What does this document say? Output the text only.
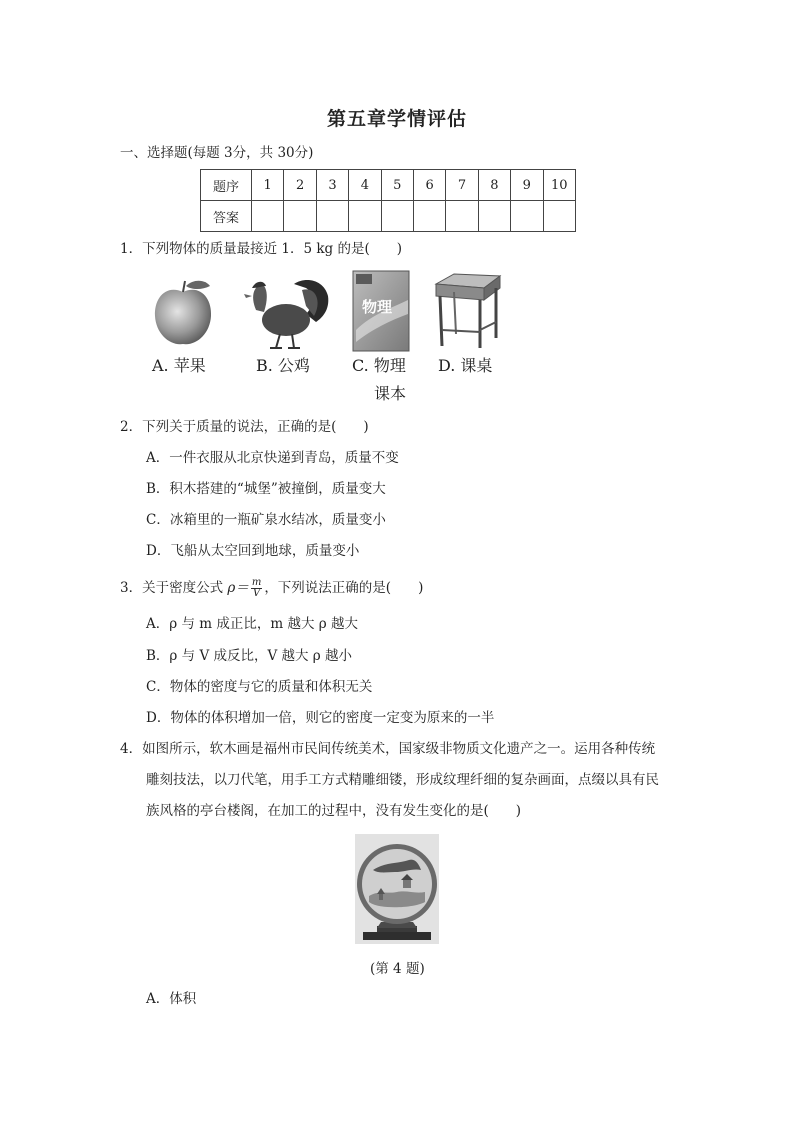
第五章学情评估
一、选择题(每题 3分，共 30分)
题序	1	2	3	4	5	6	7	8	9	10
答案										
1．下列物体的质量最接近 1．5 kg 的是(　　)
物理
A. 苹果	B. 公鸡	C. 物理
课本
D. 课桌
2．下列关于质量的说法，正确的是(　　)
A．一件衣服从北京快递到青岛，质量不变
B．积木搭建的“城堡”被撞倒，质量变大
C．冰箱里的一瓶矿泉水结冰，质量变小
D．飞船从太空回到地球，质量变小
3．关于密度公式 $\rho= \frac{m}{V}$ ，下列说法正确的是(　　)
A．ρ 与 m 成正比，m 越大 ρ 越大
B．ρ 与 V 成反比，V 越大 ρ 越小
C．物体的密度与它的质量和体积无关
D．物体的体积增加一倍，则它的密度一定变为原来的一半
4．如图所示，软木画是福州市民间传统美术，国家级非物质文化遗产之一。运用各种传统
雕刻技法，以刀代笔，用手工方式精雕细镂，形成纹理纤细的复杂画面，点缀以具有民
族风格的亭台楼阁，在加工的过程中，没有发生变化的是(　　)
(第 4 题)
A．体积
